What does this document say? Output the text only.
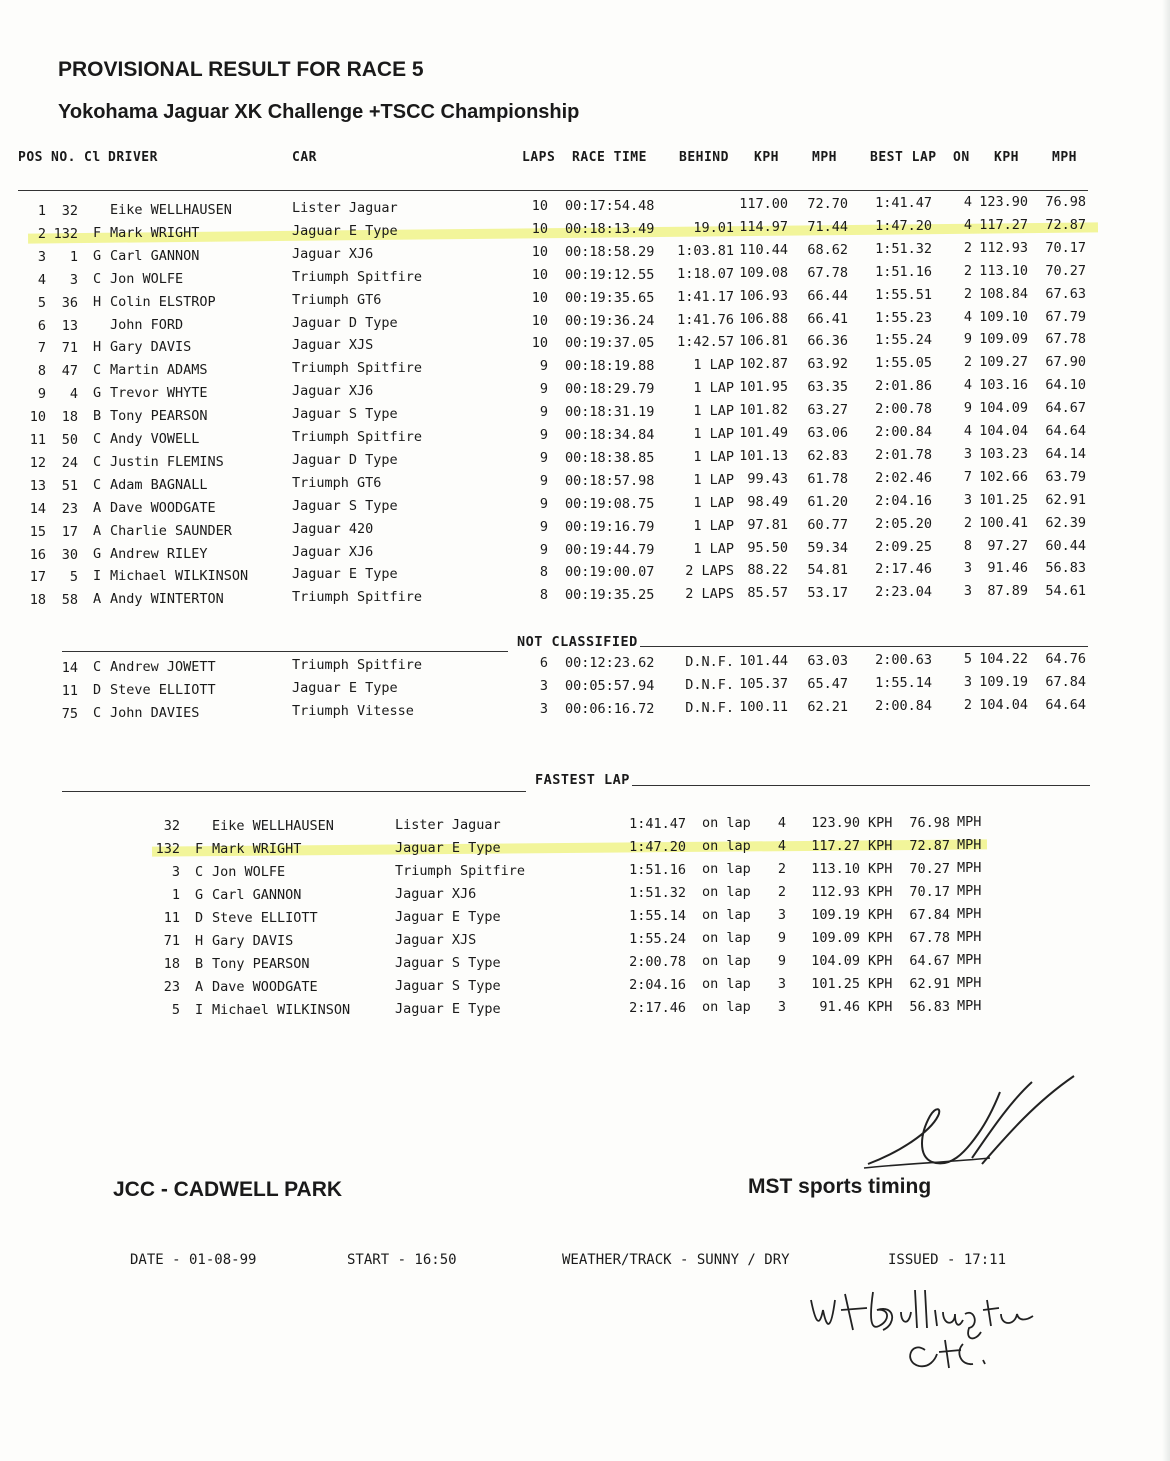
PROVISIONAL RESULT FOR RACE 5
Yokohama Jaguar XK Challenge +TSCC Championship
POS NO. Cl DRIVER	CAR	LAPS RACE TIME BEHIND KPH	MPH	BEST LAP ON KPH	MPH
1	32 Eike WELLHAUSEN	Lister Jaguar	10 00:17:54.48	117.00	72.70	1:41.47	4 123.90	76.98
2 132 F Mark WRIGHT	Jaguar E Type	10 00:18:13.49	19.01 114.97	71.44	1:47.20	4 117.27	72.87
3	1 G Carl GANNON	Jaguar XJ6	10 00:18:58.29	1:03.81 110.44	68.62	1:51.32	2 112.93	70.17
4	3 C Jon WOLFE	Triumph Spitfire	10 00:19:12.55	1:18.07 109.08	67.78	1:51.16	2 113.10	70.27
5	36 H Colin ELSTROP	Triumph GT6	10 00:19:35.65	1:41.17 106.93	66.44	1:55.51	2 108.84	67.63
6	13 John FORD	Jaguar D Type	10 00:19:36.24	1:41.76 106.88	66.41	1:55.23	4 109.10	67.79
7	71 H Gary DAVIS	Jaguar XJS	10 00:19:37.05	1:42.57 106.81	66.36	1:55.24	9 109.09	67.78
8	47 C Martin ADAMS	Triumph Spitfire	9 00:18:19.88	1 LAP 102.87	63.92	1:55.05	2 109.27	67.90
9	4 G Trevor WHYTE	Jaguar XJ6	9 00:18:29.79	1 LAP 101.95	63.35	2:01.86	4 103.16	64.10
10	18 B Tony PEARSON	Jaguar S Type	9 00:18:31.19	1 LAP 101.82	63.27	2:00.78	9 104.09	64.67
11	50 C Andy VOWELL	Triumph Spitfire	9 00:18:34.84	1 LAP 101.49	63.06	2:00.84	4 104.04	64.64
12	24 C Justin FLEMINS	Jaguar D Type	9 00:18:38.85	1 LAP 101.13	62.83	2:01.78	3 103.23	64.14
13	51 C Adam BAGNALL	Triumph GT6	9 00:18:57.98	1 LAP 99.43	61.78	2:02.46	7 102.66	63.79
14	23 A Dave WOODGATE	Jaguar S Type	9 00:19:08.75	1 LAP 98.49	61.20	2:04.16	3 101.25	62.91
15	17 A Charlie SAUNDER	Jaguar 420	9 00:19:16.79	1 LAP 97.81	60.77	2:05.20	2 100.41	62.39
16	30 G Andrew RILEY	Jaguar XJ6	9 00:19:44.79	1 LAP 95.50	59.34	2:09.25	8	97.27	60.44
17	5 I Michael WILKINSON	Jaguar E Type	8 00:19:00.07	2 LAPS 88.22	54.81	2:17.46	3	91.46	56.83
18	58 A Andy WINTERTON	Triumph Spitfire	8 00:19:35.25	2 LAPS 85.57	53.17	2:23.04	3	87.89	54.61
NOT CLASSIFIED
14 C Andrew JOWETT	Triumph Spitfire	6 00:12:23.62	D.N.F. 101.44	63.03	2:00.63	5 104.22	64.76
11 D Steve ELLIOTT	Jaguar E Type	3 00:05:57.94	D.N.F. 105.37	65.47	1:55.14	3 109.19	67.84
75 C John DAVIES	Triumph Vitesse	3 00:06:16.72	D.N.F. 100.11	62.21	2:00.84	2 104.04	64.64
FASTEST LAP
32 Eike WELLHAUSEN	Lister Jaguar	1:41.47 on lap	4	123.90 KPH	76.98 MPH
132 F Mark WRIGHT	Jaguar E Type	1:47.20 on lap	4	117.27 KPH	72.87 MPH
3 C Jon WOLFE	Triumph Spitfire	1:51.16 on lap	2	113.10 KPH	70.27 MPH
1 G Carl GANNON	Jaguar XJ6	1:51.32 on lap	2	112.93 KPH	70.17 MPH
11 D Steve ELLIOTT	Jaguar E Type	1:55.14 on lap	3	109.19 KPH	67.84 MPH
71 H Gary DAVIS	Jaguar XJS	1:55.24 on lap	9	109.09 KPH	67.78 MPH
18 B Tony PEARSON	Jaguar S Type	2:00.78 on lap	9	104.09 KPH	64.67 MPH
23 A Dave WOODGATE	Jaguar S Type	2:04.16 on lap	3	101.25 KPH	62.91 MPH
5 I Michael WILKINSON	Jaguar E Type	2:17.46 on lap	3	91.46 KPH	56.83 MPH
JCC - CADWELL PARK	MST sports timing
DATE - 01-08-99	START - 16:50	WEATHER/TRACK - SUNNY / DRY	ISSUED - 17:11
